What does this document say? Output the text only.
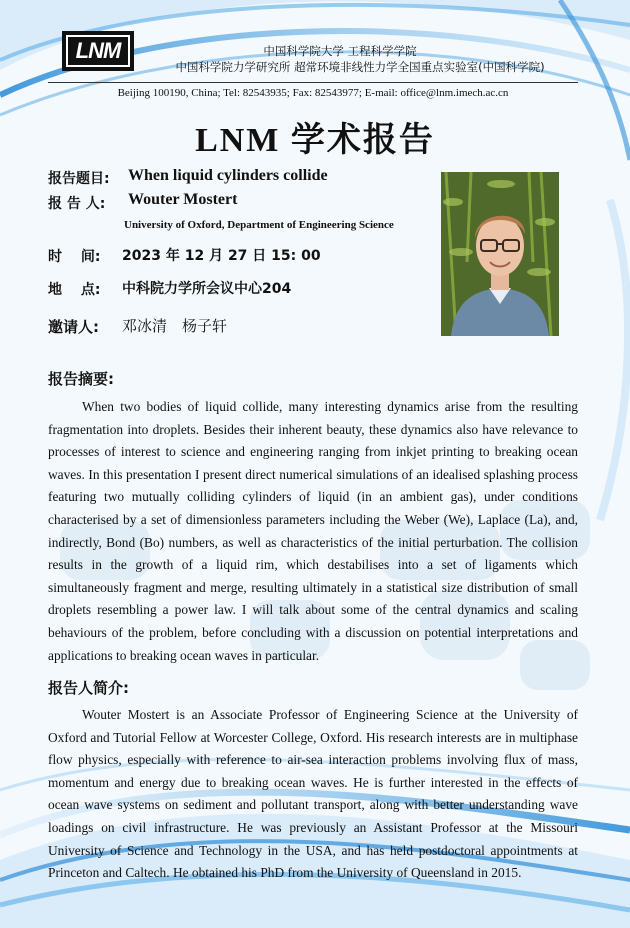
LNM	中国科学院大学 工程科学学院
中国科学院力学研究所 超常环境非线性力学全国重点实验室(中国科学院)
Beijing 100190, China; Tel: 82543935; Fax: 82543977; E-mail: office@lnm.imech.ac.cn
LNM 学术报告
报告题目: When liquid cylinders collide
报 告 人: Wouter Mostert
University of Oxford, Department of Engineering Science
时　 间: 2023 年 12 月 27 日 15: 00
地　 点: 中科院力学所会议中心204
邀请人: 邓冰清　杨子轩
报告摘要:
When two bodies of liquid collide, many interesting dynamics arise from the resulting fragmentation into droplets. Besides their inherent beauty, these dynamics also have relevance to processes of interest to science and engineering ranging from inkjet printing to breaking ocean waves. In this presentation I present direct numerical simulations of an idealised splashing process featuring two mutually colliding cylinders of liquid (in an ambient gas), under conditions characterised by a set of dimensionless parameters including the Weber (We), Laplace (La), and, indirectly, Bond (Bo) numbers, as well as characteristics of the initial perturbation. The collision results in the growth of a liquid rim, which destabilises into a set of ligaments which simultaneously fragment and merge, resulting ultimately in a statistical size distribution of small droplets resembling a power law. I will talk about some of the central dynamics and scaling behaviours of the problem, before concluding with a discussion on potential interpretations and applications to breaking ocean waves in particular.
报告人简介:
Wouter Mostert is an Associate Professor of Engineering Science at the University of Oxford and Tutorial Fellow at Worcester College, Oxford. His research interests are in multiphase flow physics, especially with reference to air-sea interaction problems involving flux of mass, momentum and energy due to breaking ocean waves. He is further interested in the effects of ocean wave systems on sediment and pollutant transport, along with better understanding wave loadings on civil infrastructure. He was previously an Assistant Professor at the Missouri University of Science and Technology in the USA, and has held postdoctoral appointments at Princeton and Caltech. He obtained his PhD from the University of Queensland in 2015.
